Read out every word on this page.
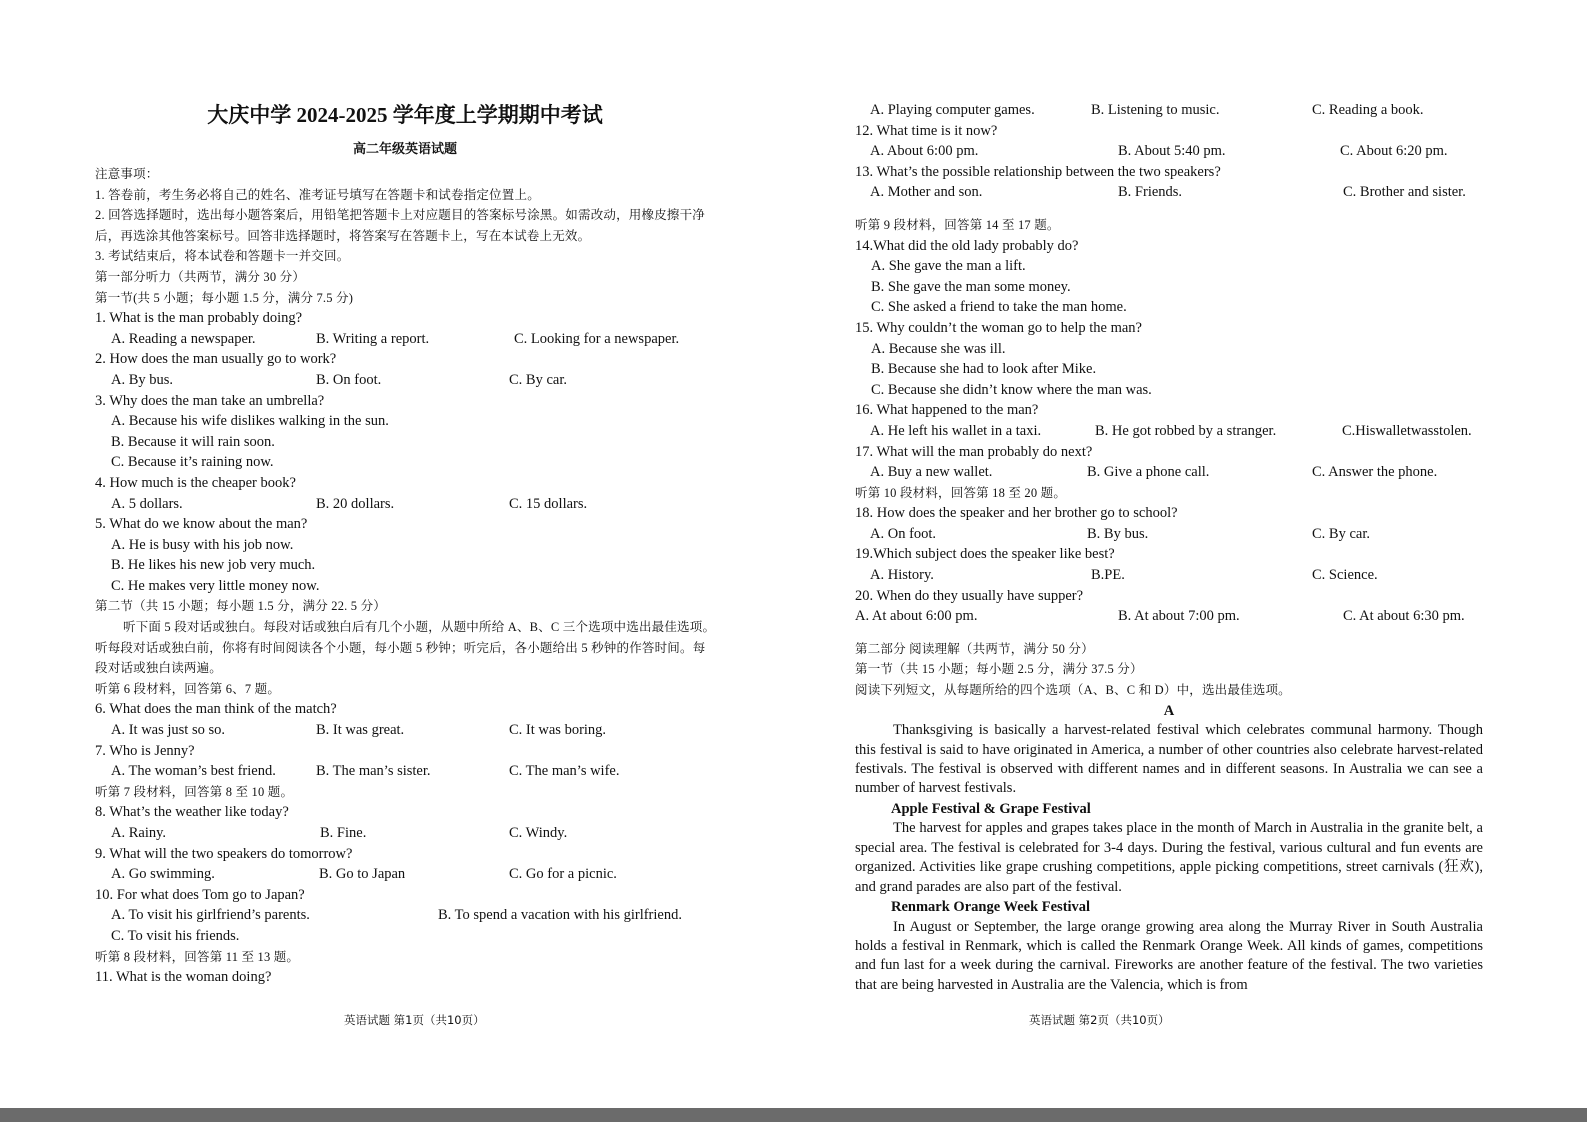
大庆中学 2024-2025 学年度上学期期中考试
高二年级英语试题
注意事项：
1. 答卷前，考生务必将自己的姓名、准考证号填写在答题卡和试卷指定位置上。
2. 回答选择题时，选出每小题答案后，用铅笔把答题卡上对应题目的答案标号涂黑。如需改动，用橡皮擦干净
后，再选涂其他答案标号。回答非选择题时，将答案写在答题卡上，写在本试卷上无效。
3. 考试结束后，将本试卷和答题卡一并交回。
第一部分听力（共两节，满分 30 分）
第一节(共 5 小题；每小题 1.5 分，满分 7.5 分)
1. What is the man probably doing?
A. Reading a newspaper.	B. Writing a report.	C. Looking for a newspaper.
2. How does the man usually go to work?
A. By bus.	B. On foot.	C. By car.
3. Why does the man take an umbrella?
A. Because his wife dislikes walking in the sun.
B. Because it will rain soon.
C. Because it’s raining now.
4. How much is the cheaper book?
A. 5 dollars.	B. 20 dollars.	C. 15 dollars.
5. What do we know about the man?
A. He is busy with his job now.
B. He likes his new job very much.
C. He makes very little money now.
第二节（共 15 小题；每小题 1.5 分，满分 22. 5 分）
听下面 5 段对话或独白。每段对话或独白后有几个小题，从题中所给 A、B、C 三个选项中选出最佳选项。
听每段对话或独白前，你将有时间阅读各个小题，每小题 5 秒钟；听完后，各小题给出 5 秒钟的作答时间。每
段对话或独白读两遍。
听第 6 段材料，回答第 6、7 题。
6. What does the man think of the match?
A. It was just so so.	B. It was great.	C. It was boring.
7. Who is Jenny?
A. The woman’s best friend.	B. The man’s sister.	C. The man’s wife.
听第 7 段材料，回答第 8 至 10 题。
8. What’s the weather like today?
A. Rainy.	B. Fine.	C. Windy.
9. What will the two speakers do tomorrow?
A. Go swimming.	B. Go to Japan	C. Go for a picnic.
10. For what does Tom go to Japan?
A. To visit his girlfriend’s parents.	B. To spend a vacation with his girlfriend.
C. To visit his friends.
听第 8 段材料，回答第 11 至 13 题。
11. What is the woman doing?
英语试题 第1页（共10页）
A. Playing computer games.	B. Listening to music.	C. Reading a book.
12. What time is it now?
A. About 6:00 pm.	B. About 5:40 pm.	C. About 6:20 pm.
13. What’s the possible relationship between the two speakers?
A. Mother and son.	B. Friends.	C. Brother and sister.
听第 9 段材料，回答第 14 至 17 题。
14.What did the old lady probably do?
A. She gave the man a lift.
B. She gave the man some money.
C. She asked a friend to take the man home.
15. Why couldn’t the woman go to help the man?
A. Because she was ill.
B. Because she had to look after Mike.
C. Because she didn’t know where the man was.
16. What happened to the man?
A. He left his wallet in a taxi.	B. He got robbed by a stranger.	C.Hiswalletwasstolen.
17. What will the man probably do next?
A. Buy a new wallet.	B. Give a phone call.	C. Answer the phone.
听第 10 段材料，回答第 18 至 20 题。
18. How does the speaker and her brother go to school?
A. On foot.	B. By bus.	C. By car.
19.Which subject does the speaker like best?
A. History.	B.PE.	C. Science.
20. When do they usually have supper?
A. At about 6:00 pm.	B. At about 7:00 pm.	C. At about 6:30 pm.
第二部分 阅读理解（共两节，满分 50 分）
第一节（共 15 小题；每小题 2.5 分，满分 37.5 分）
阅读下列短文，从每题所给的四个选项（A、B、C 和 D）中，选出最佳选项。
A
Thanksgiving is basically a harvest-related festival which celebrates communal harmony. Though this festival is said to have originated in America, a number of other countries also celebrate harvest-related festivals. The festival is observed with different names and in different seasons. In Australia we can see a number of harvest festivals.
Apple Festival & Grape Festival
The harvest for apples and grapes takes place in the month of March in Australia in the granite belt, a special area. The festival is celebrated for 3-4 days. During the festival, various cultural and fun events are organized. Activities like grape crushing competitions, apple picking competitions, street carnivals (狂欢), and grand parades are also part of the festival.
Renmark Orange Week Festival
In August or September, the large orange growing area along the Murray River in South Australia holds a festival in Renmark, which is called the Renmark Orange Week. All kinds of games, competitions and fun last for a week during the carnival. Fireworks are another feature of the festival. The two varieties that are being harvested in Australia are the Valencia, which is from
英语试题 第2页（共10页）
